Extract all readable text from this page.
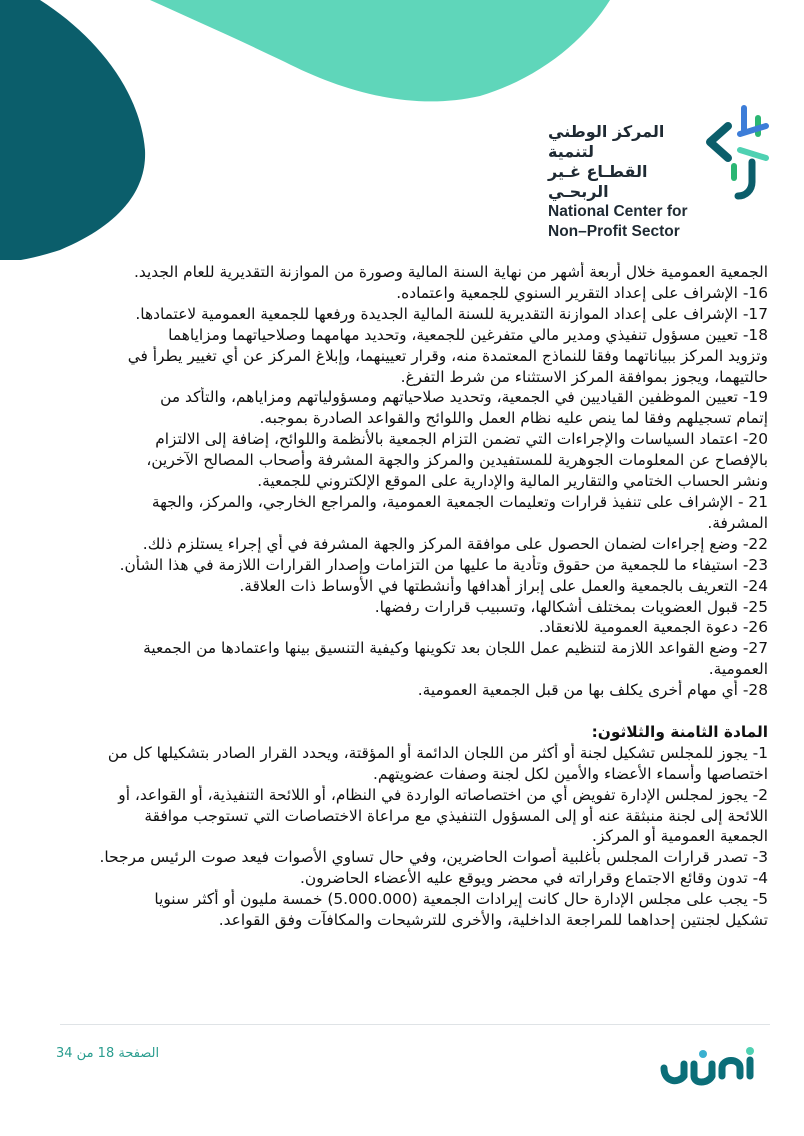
المركز الوطني لتنمية
القطـاع غـير الربحـي
National Center for
Non–Profit Sector
الجمعية العمومية خلال أربعة أشهر من نهاية السنة المالية وصورة من الموازنة التقديرية للعام الجديد.
16- الإشراف على إعداد التقرير السنوي للجمعية واعتماده.
17- الإشراف على إعداد الموازنة التقديرية للسنة المالية الجديدة ورفعها للجمعية العمومية لاعتمادها.
18- تعيين مسؤول تنفيذي ومدير مالي متفرغين للجمعية، وتحديد مهامهما وصلاحياتهما ومزاياهما
وتزويد المركز ببياناتهما وفقا للنماذج المعتمدة منه، وقرار تعيينهما، وإبلاغ المركز عن أي تغيير يطرأ في
حالتيهما، ويجوز بموافقة المركز الاستثناء من شرط التفرغ.
19- تعيين الموظفين القياديين في الجمعية، وتحديد صلاحياتهم ومسؤولياتهم ومزاياهم، والتأكد من
إتمام تسجيلهم وفقا لما ينص عليه نظام العمل واللوائح والقواعد الصادرة بموجبه.
20- اعتماد السياسات والإجراءات التي تضمن التزام الجمعية بالأنظمة واللوائح، إضافة إلى الالتزام
بالإفصاح عن المعلومات الجوهرية للمستفيدين والمركز والجهة المشرفة وأصحاب المصالح الآخرين،
ونشر الحساب الختامي والتقارير المالية والإدارية على الموقع الإلكتروني للجمعية.
21 - الإشراف على تنفيذ قرارات وتعليمات الجمعية العمومية، والمراجع الخارجي، والمركز، والجهة
المشرفة.
22- وضع إجراءات لضمان الحصول على موافقة المركز والجهة المشرفة في أي إجراء يستلزم ذلك.
23- استيفاء ما للجمعية من حقوق وتأدية ما عليها من التزامات وإصدار القرارات اللازمة في هذا الشأن.
24- التعريف بالجمعية والعمل على إبراز أهدافها وأنشطتها في الأوساط ذات العلاقة.
25- قبول العضويات بمختلف أشكالها، وتسبيب قرارات رفضها.
26- دعوة الجمعية العمومية للانعقاد.
27- وضع القواعد اللازمة لتنظيم عمل اللجان بعد تكوينها وكيفية التنسيق بينها واعتمادها من الجمعية
العمومية.
28- أي مهام أخرى يكلف بها من قبل الجمعية العمومية.
المادة الثامنة والثلاثون:
1- يجوز للمجلس تشكيل لجنة أو أكثر من اللجان الدائمة أو المؤقتة، ويحدد القرار الصادر بتشكيلها كل من
اختصاصها وأسماء الأعضاء والأمين لكل لجنة وصفات عضويتهم.
2- يجوز لمجلس الإدارة تفويض أي من اختصاصاته الواردة في النظام، أو اللائحة التنفيذية، أو القواعد، أو
اللائحة إلى لجنة منبثقة عنه أو إلى المسؤول التنفيذي مع مراعاة الاختصاصات التي تستوجب موافقة
الجمعية العمومية أو المركز.
3- تصدر قرارات المجلس بأغلبية أصوات الحاضرين، وفي حال تساوي الأصوات فيعد صوت الرئيس مرجحا.
4- تدون وقائع الاجتماع وقراراته في محضر ويوقع عليه الأعضاء الحاضرون.
5- يجب على مجلس الإدارة حال كانت إيرادات الجمعية (5.000.000) خمسة مليون أو أكثر سنويا
تشكيل لجنتين إحداهما للمراجعة الداخلية، والأخرى للترشيحات والمكافآت وفق القواعد.
الصفحة 18 من 34
